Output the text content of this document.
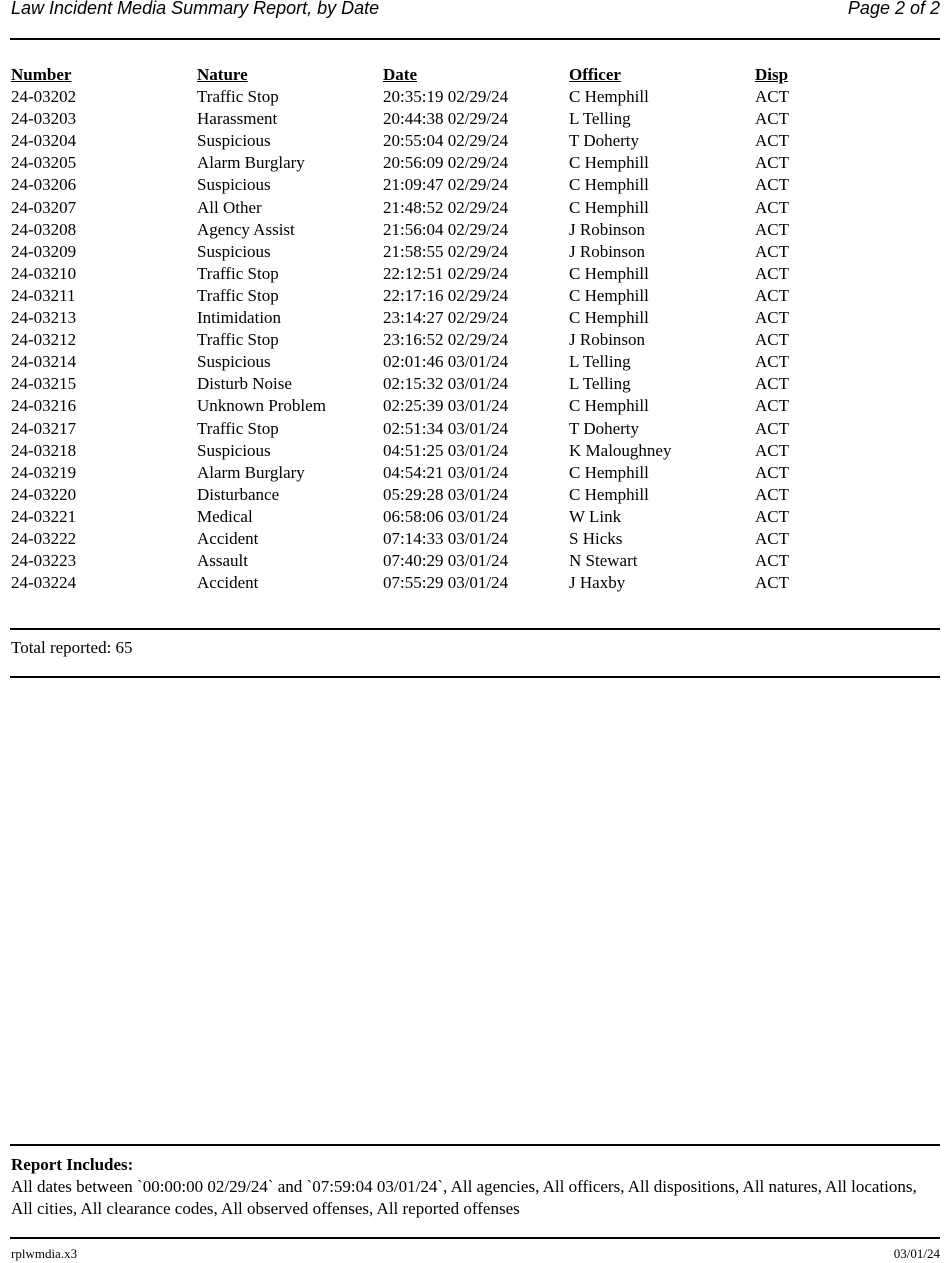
Law Incident Media Summary Report, by Date	Page 2 of 2
Number	Nature	Date	Officer	Disp
24-03202	Traffic Stop	20:35:19 02/29/24	C Hemphill	ACT
24-03203	Harassment	20:44:38 02/29/24	L Telling	ACT
24-03204	Suspicious	20:55:04 02/29/24	T Doherty	ACT
24-03205	Alarm Burglary	20:56:09 02/29/24	C Hemphill	ACT
24-03206	Suspicious	21:09:47 02/29/24	C Hemphill	ACT
24-03207	All Other	21:48:52 02/29/24	C Hemphill	ACT
24-03208	Agency Assist	21:56:04 02/29/24	J Robinson	ACT
24-03209	Suspicious	21:58:55 02/29/24	J Robinson	ACT
24-03210	Traffic Stop	22:12:51 02/29/24	C Hemphill	ACT
24-03211	Traffic Stop	22:17:16 02/29/24	C Hemphill	ACT
24-03213	Intimidation	23:14:27 02/29/24	C Hemphill	ACT
24-03212	Traffic Stop	23:16:52 02/29/24	J Robinson	ACT
24-03214	Suspicious	02:01:46 03/01/24	L Telling	ACT
24-03215	Disturb Noise	02:15:32 03/01/24	L Telling	ACT
24-03216	Unknown Problem	02:25:39 03/01/24	C Hemphill	ACT
24-03217	Traffic Stop	02:51:34 03/01/24	T Doherty	ACT
24-03218	Suspicious	04:51:25 03/01/24	K Maloughney	ACT
24-03219	Alarm Burglary	04:54:21 03/01/24	C Hemphill	ACT
24-03220	Disturbance	05:29:28 03/01/24	C Hemphill	ACT
24-03221	Medical	06:58:06 03/01/24	W Link	ACT
24-03222	Accident	07:14:33 03/01/24	S Hicks	ACT
24-03223	Assault	07:40:29 03/01/24	N Stewart	ACT
24-03224	Accident	07:55:29 03/01/24	J Haxby	ACT
Total reported: 65
Report Includes:
All dates between `00:00:00 02/29/24` and `07:59:04 03/01/24`, All agencies, All officers, All dispositions, All natures, All locations, All cities, All clearance codes, All observed offenses, All reported offenses
rplwmdia.x3	03/01/24
